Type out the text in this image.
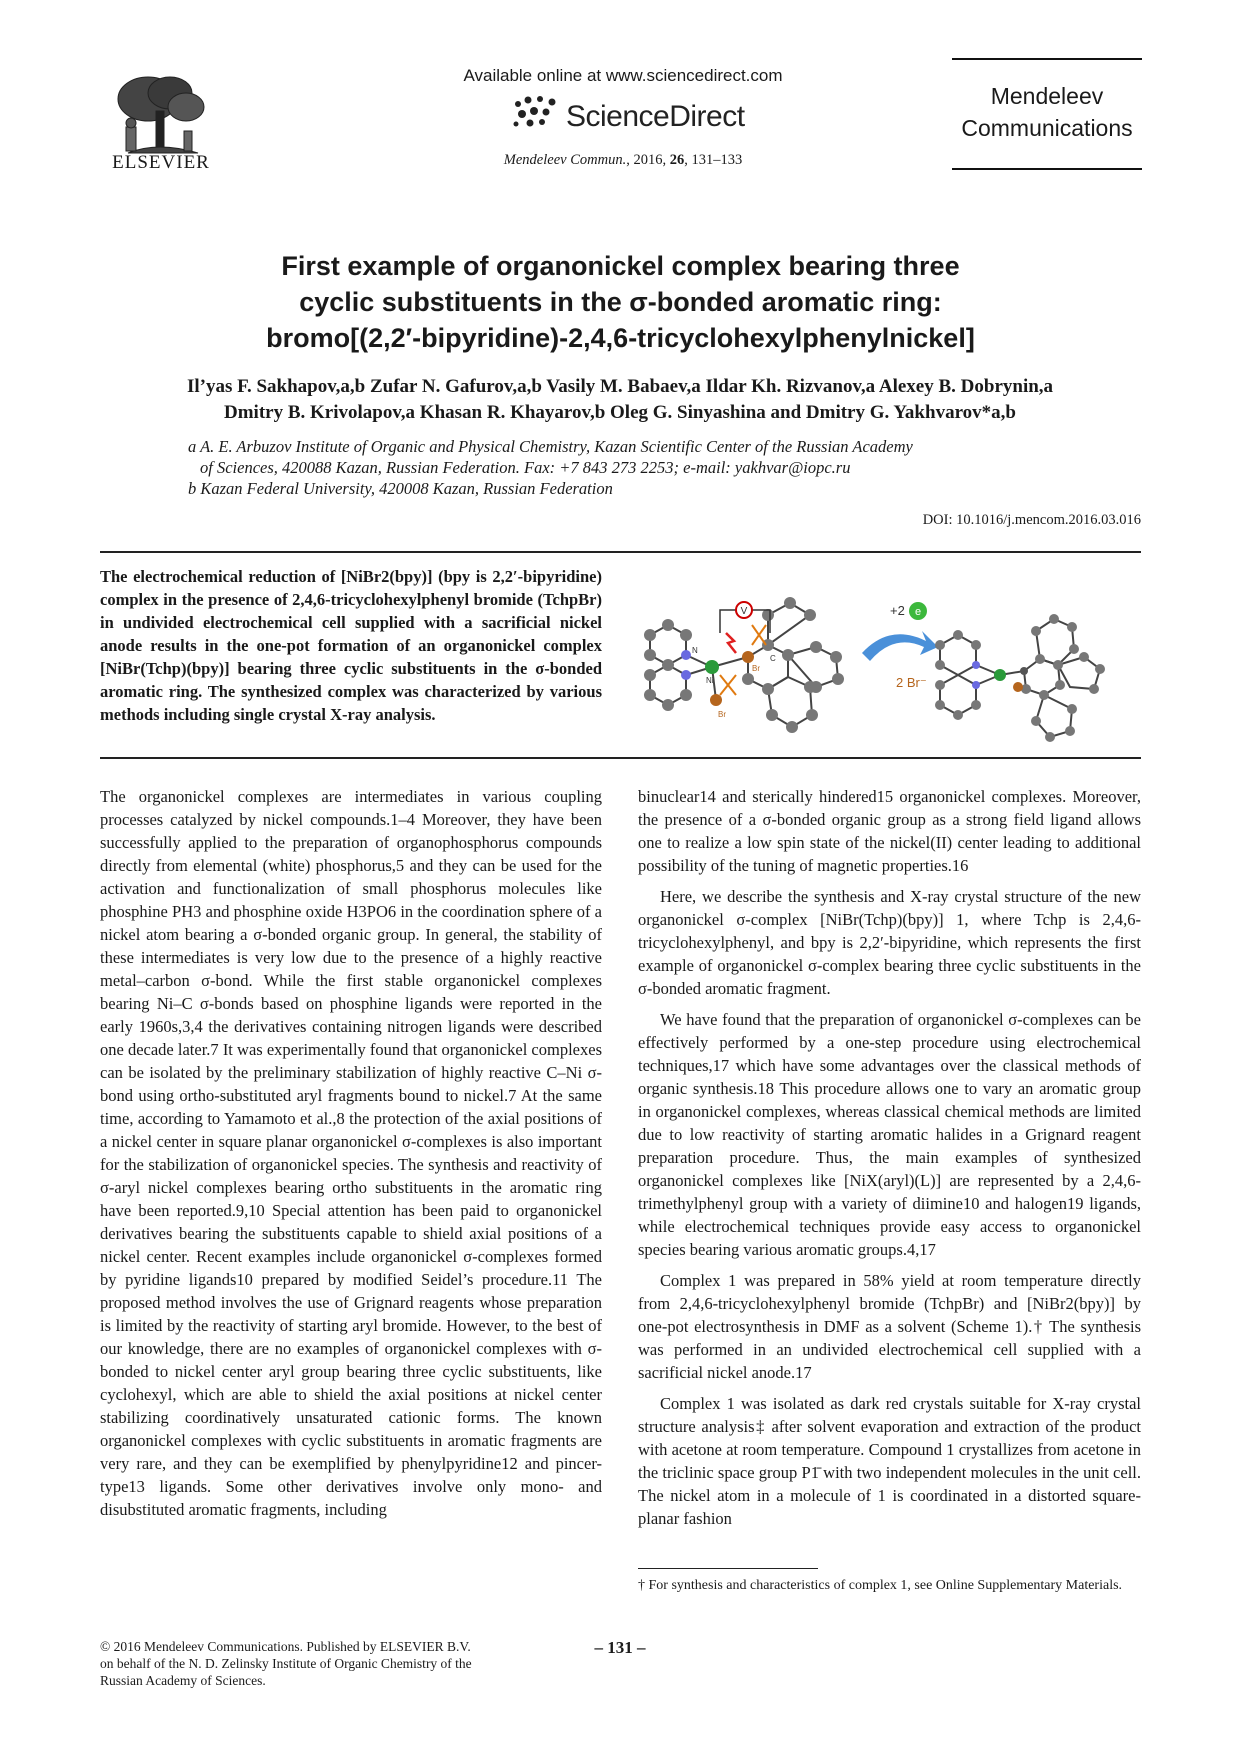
ELSEVIER
Available online at www.sciencedirect.com
ScienceDirect
Mendeleev Commun., 2016, 26, 131–133
Mendeleev
Communications
First example of organonickel complex bearing three
cyclic substituents in the σ-bonded aromatic ring:
bromo[(2,2′-bipyridine)-2,4,6-tricyclohexylphenylnickel]
Il’yas F. Sakhapov,a,b Zufar N. Gafurov,a,b Vasily M. Babaev,a Ildar Kh. Rizvanov,a Alexey B. Dobrynin,a
Dmitry B. Krivolapov,a Khasan R. Khayarov,b Oleg G. Sinyashina and Dmitry G. Yakhvarov*a,b
a A. E. Arbuzov Institute of Organic and Physical Chemistry, Kazan Scientific Center of the Russian Academy
of Sciences, 420088 Kazan, Russian Federation. Fax: +7 843 273 2253; e-mail: yakhvar@iopc.ru
b Kazan Federal University, 420008 Kazan, Russian Federation
DOI: 10.1016/j.mencom.2016.03.016
The electrochemical reduction of [NiBr2(bpy)] (bpy is 2,2′-bipyridine) complex in the presence of 2,4,6-tricyclohexylphenyl bromide (TchpBr) in undivided electrochemical cell supplied with a sacrificial nickel anode results in the one-pot formation of an organonickel complex [NiBr(Tchp)(bpy)] bearing three cyclic substituents in the σ-bonded aromatic ring. The synthesized complex was characterized by various methods including single crystal X-ray analysis.
N
Ni
Br
Br
C
V	+2 e
2 Br⁻

The organonickel complexes are intermediates in various coupling processes catalyzed by nickel compounds.1–4 Moreover, they have been successfully applied to the preparation of organophosphorus compounds directly from elemental (white) phosphorus,5 and they can be used for the activation and functionalization of small phosphorus molecules like phosphine PH3 and phosphine oxide H3PO6 in the coordination sphere of a nickel atom bearing a σ-bonded organic group. In general, the stability of these intermediates is very low due to the presence of a highly reactive metal–carbon σ-bond. While the first stable organonickel complexes bearing Ni–C σ-bonds based on phosphine ligands were reported in the early 1960s,3,4 the derivatives containing nitrogen ligands were described one decade later.7 It was experimentally found that organonickel complexes can be isolated by the preliminary stabilization of highly reactive C–Ni σ-bond using ortho-substituted aryl fragments bound to nickel.7 At the same time, according to Yamamoto et al.,8 the protection of the axial positions of a nickel center in square planar organonickel σ-complexes is also important for the stabilization of organonickel species. The synthesis and reactivity of σ-aryl nickel complexes bearing ortho substituents in the aromatic ring have been reported.9,10 Special attention has been paid to organonickel derivatives bearing the substituents capable to shield axial positions of a nickel center. Recent examples include organonickel σ-complexes formed by pyridine ligands10 prepared by modified Seidel’s procedure.11 The proposed method involves the use of Grignard reagents whose preparation is limited by the reactivity of starting aryl bromide. However, to the best of our knowledge, there are no examples of organonickel complexes with σ-bonded to nickel center aryl group bearing three cyclic substituents, like cyclohexyl, which are able to shield the axial positions at nickel center stabilizing coordinatively unsaturated cationic forms. The known organonickel complexes with cyclic substituents in aromatic fragments are very rare, and they can be exemplified by phenylpyridine12 and pincer-type13 ligands. Some other derivatives involve only mono- and disubstituted aromatic fragments, including

binuclear14 and sterically hindered15 organonickel complexes. Moreover, the presence of a σ-bonded organic group as a strong field ligand allows one to realize a low spin state of the nickel(II) center leading to additional possibility of the tuning of magnetic properties.16

Here, we describe the synthesis and X-ray crystal structure of the new organonickel σ-complex [NiBr(Tchp)(bpy)] 1, where Tchp is 2,4,6-tricyclohexylphenyl, and bpy is 2,2′-bipyridine, which represents the first example of organonickel σ-complex bearing three cyclic substituents in the σ-bonded aromatic fragment.

We have found that the preparation of organonickel σ-complexes can be effectively performed by a one-step procedure using electrochemical techniques,17 which have some advantages over the classical methods of organic synthesis.18 This procedure allows one to vary an aromatic group in organonickel complexes, whereas classical chemical methods are limited due to low reactivity of starting aromatic halides in a Grignard reagent preparation procedure. Thus, the main examples of synthesized organonickel complexes like [NiX(aryl)(L)] are represented by a 2,4,6-trimethylphenyl group with a variety of diimine10 and halogen19 ligands, while electrochemical techniques provide easy access to organonickel species bearing various aromatic groups.4,17

Complex 1 was prepared in 58% yield at room temperature directly from 2,4,6-tricyclohexylphenyl bromide (TchpBr) and [NiBr2(bpy)] by one-pot electrosynthesis in DMF as a solvent (Scheme 1).† The synthesis was performed in an undivided electrochemical cell supplied with a sacrificial nickel anode.17

Complex 1 was isolated as dark red crystals suitable for X-ray crystal structure analysis‡ after solvent evaporation and extraction of the product with acetone at room temperature. Compound 1 crystallizes from acetone in the triclinic space group P1̄ with two independent molecules in the unit cell. The nickel atom in a molecule of 1 is coordinated in a distorted square-planar fashion

† For synthesis and characteristics of complex 1, see Online Supplementary Materials.
© 2016 Mendeleev Communications. Published by ELSEVIER B.V.
on behalf of the N. D. Zelinsky Institute of Organic Chemistry of the
Russian Academy of Sciences.
– 131 –
